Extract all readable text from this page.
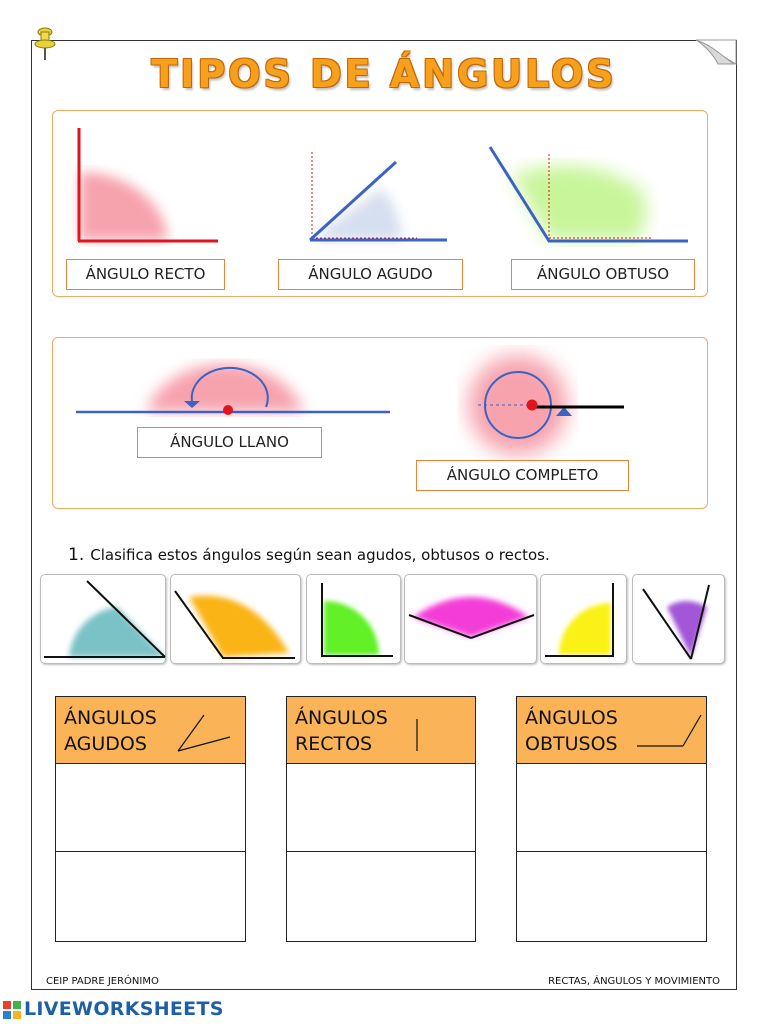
TIPOS DE ÁNGULOS
ÁNGULO RECTO	ÁNGULO AGUDO	ÁNGULO OBTUSO
ÁNGULO LLANO
ÁNGULO COMPLETO
1. Clasifica estos ángulos según sean agudos, obtusos o rectos.
ÁNGULOS
AGUDOS
ÁNGULOS
RECTOS
ÁNGULOS
OBTUSOS
CEIP PADRE JERÓNIMO	RECTAS, ÁNGULOS Y MOVIMIENTO
LIVEWORKSHEETS
